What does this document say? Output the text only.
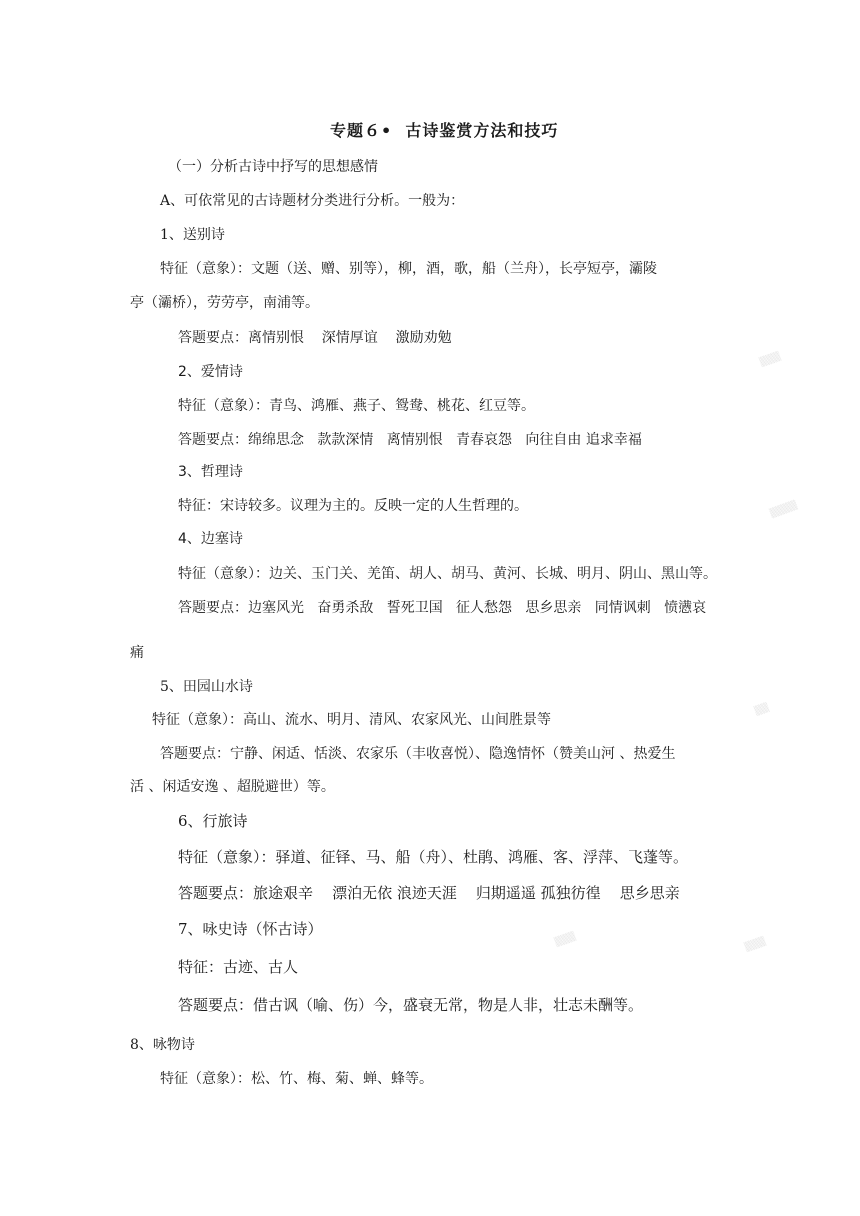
专题６•  古诗鉴赏方法和技巧
（一）分析古诗中抒写的思想感情
A、可依常见的古诗题材分类进行分析。一般为：
1、送别诗
特征（意象）：文题（送、赠、别等），柳，酒，歌，船（兰舟），长亭短亭，灞陵
亭（灞桥），劳劳亭，南浦等。
答题要点：离情别恨    深情厚谊    激励劝勉
2、爱情诗
特征（意象）：青鸟、鸿雁、燕子、鸳鸯、桃花、红豆等。
答题要点：绵绵思念   款款深情   离情别恨   青春哀怨   向往自由 追求幸福
3、哲理诗
特征：宋诗较多。议理为主的。反映一定的人生哲理的。
4、边塞诗
特征（意象）：边关、玉门关、羌笛、胡人、胡马、黄河、长城、明月、阴山、黑山等。
答题要点：边塞风光   奋勇杀敌   誓死卫国   征人愁怨   思乡思亲   同情讽刺   愤懑哀
痛
5、田园山水诗
特征（意象）：高山、流水、明月、清风、农家风光、山间胜景等
答题要点：宁静、闲适、恬淡、农家乐（丰收喜悦）、隐逸情怀（赞美山河 、热爱生
活 、闲适安逸 、超脱避世）等。
6、行旅诗
特征（意象）：驿道、征铎、马、船（舟）、杜鹃、鸿雁、客、浮萍、飞蓬等。
答题要点：旅途艰辛    漂泊无依 浪迹天涯    归期遥遥 孤独彷徨    思乡思亲
7、咏史诗（怀古诗）
特征：古迹、古人
答题要点：借古讽（喻、伤）今，盛衰无常，物是人非，壮志未酬等。
8、咏物诗
特征（意象）：松、竹、梅、菊、蝉、蜂等。
▒▒▒
▒▒▒▒
▒▒
▒▒▒	▒▒▒
